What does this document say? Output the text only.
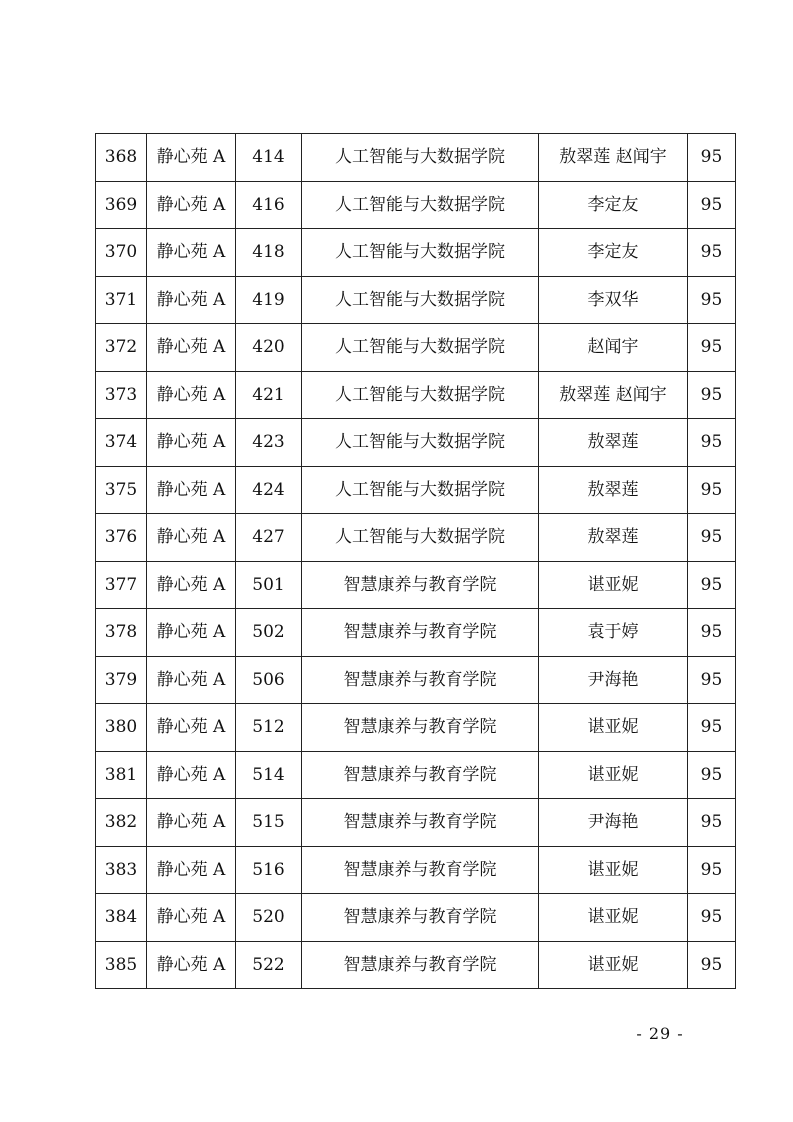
368	静心苑 A	414	人工智能与大数据学院	敖翠莲 赵闻宇	95
369	静心苑 A	416	人工智能与大数据学院	李定友	95
370	静心苑 A	418	人工智能与大数据学院	李定友	95
371	静心苑 A	419	人工智能与大数据学院	李双华	95
372	静心苑 A	420	人工智能与大数据学院	赵闻宇	95
373	静心苑 A	421	人工智能与大数据学院	敖翠莲 赵闻宇	95
374	静心苑 A	423	人工智能与大数据学院	敖翠莲	95
375	静心苑 A	424	人工智能与大数据学院	敖翠莲	95
376	静心苑 A	427	人工智能与大数据学院	敖翠莲	95
377	静心苑 A	501	智慧康养与教育学院	谌亚妮	95
378	静心苑 A	502	智慧康养与教育学院	袁于婷	95
379	静心苑 A	506	智慧康养与教育学院	尹海艳	95
380	静心苑 A	512	智慧康养与教育学院	谌亚妮	95
381	静心苑 A	514	智慧康养与教育学院	谌亚妮	95
382	静心苑 A	515	智慧康养与教育学院	尹海艳	95
383	静心苑 A	516	智慧康养与教育学院	谌亚妮	95
384	静心苑 A	520	智慧康养与教育学院	谌亚妮	95
385	静心苑 A	522	智慧康养与教育学院	谌亚妮	95
- 29 -
